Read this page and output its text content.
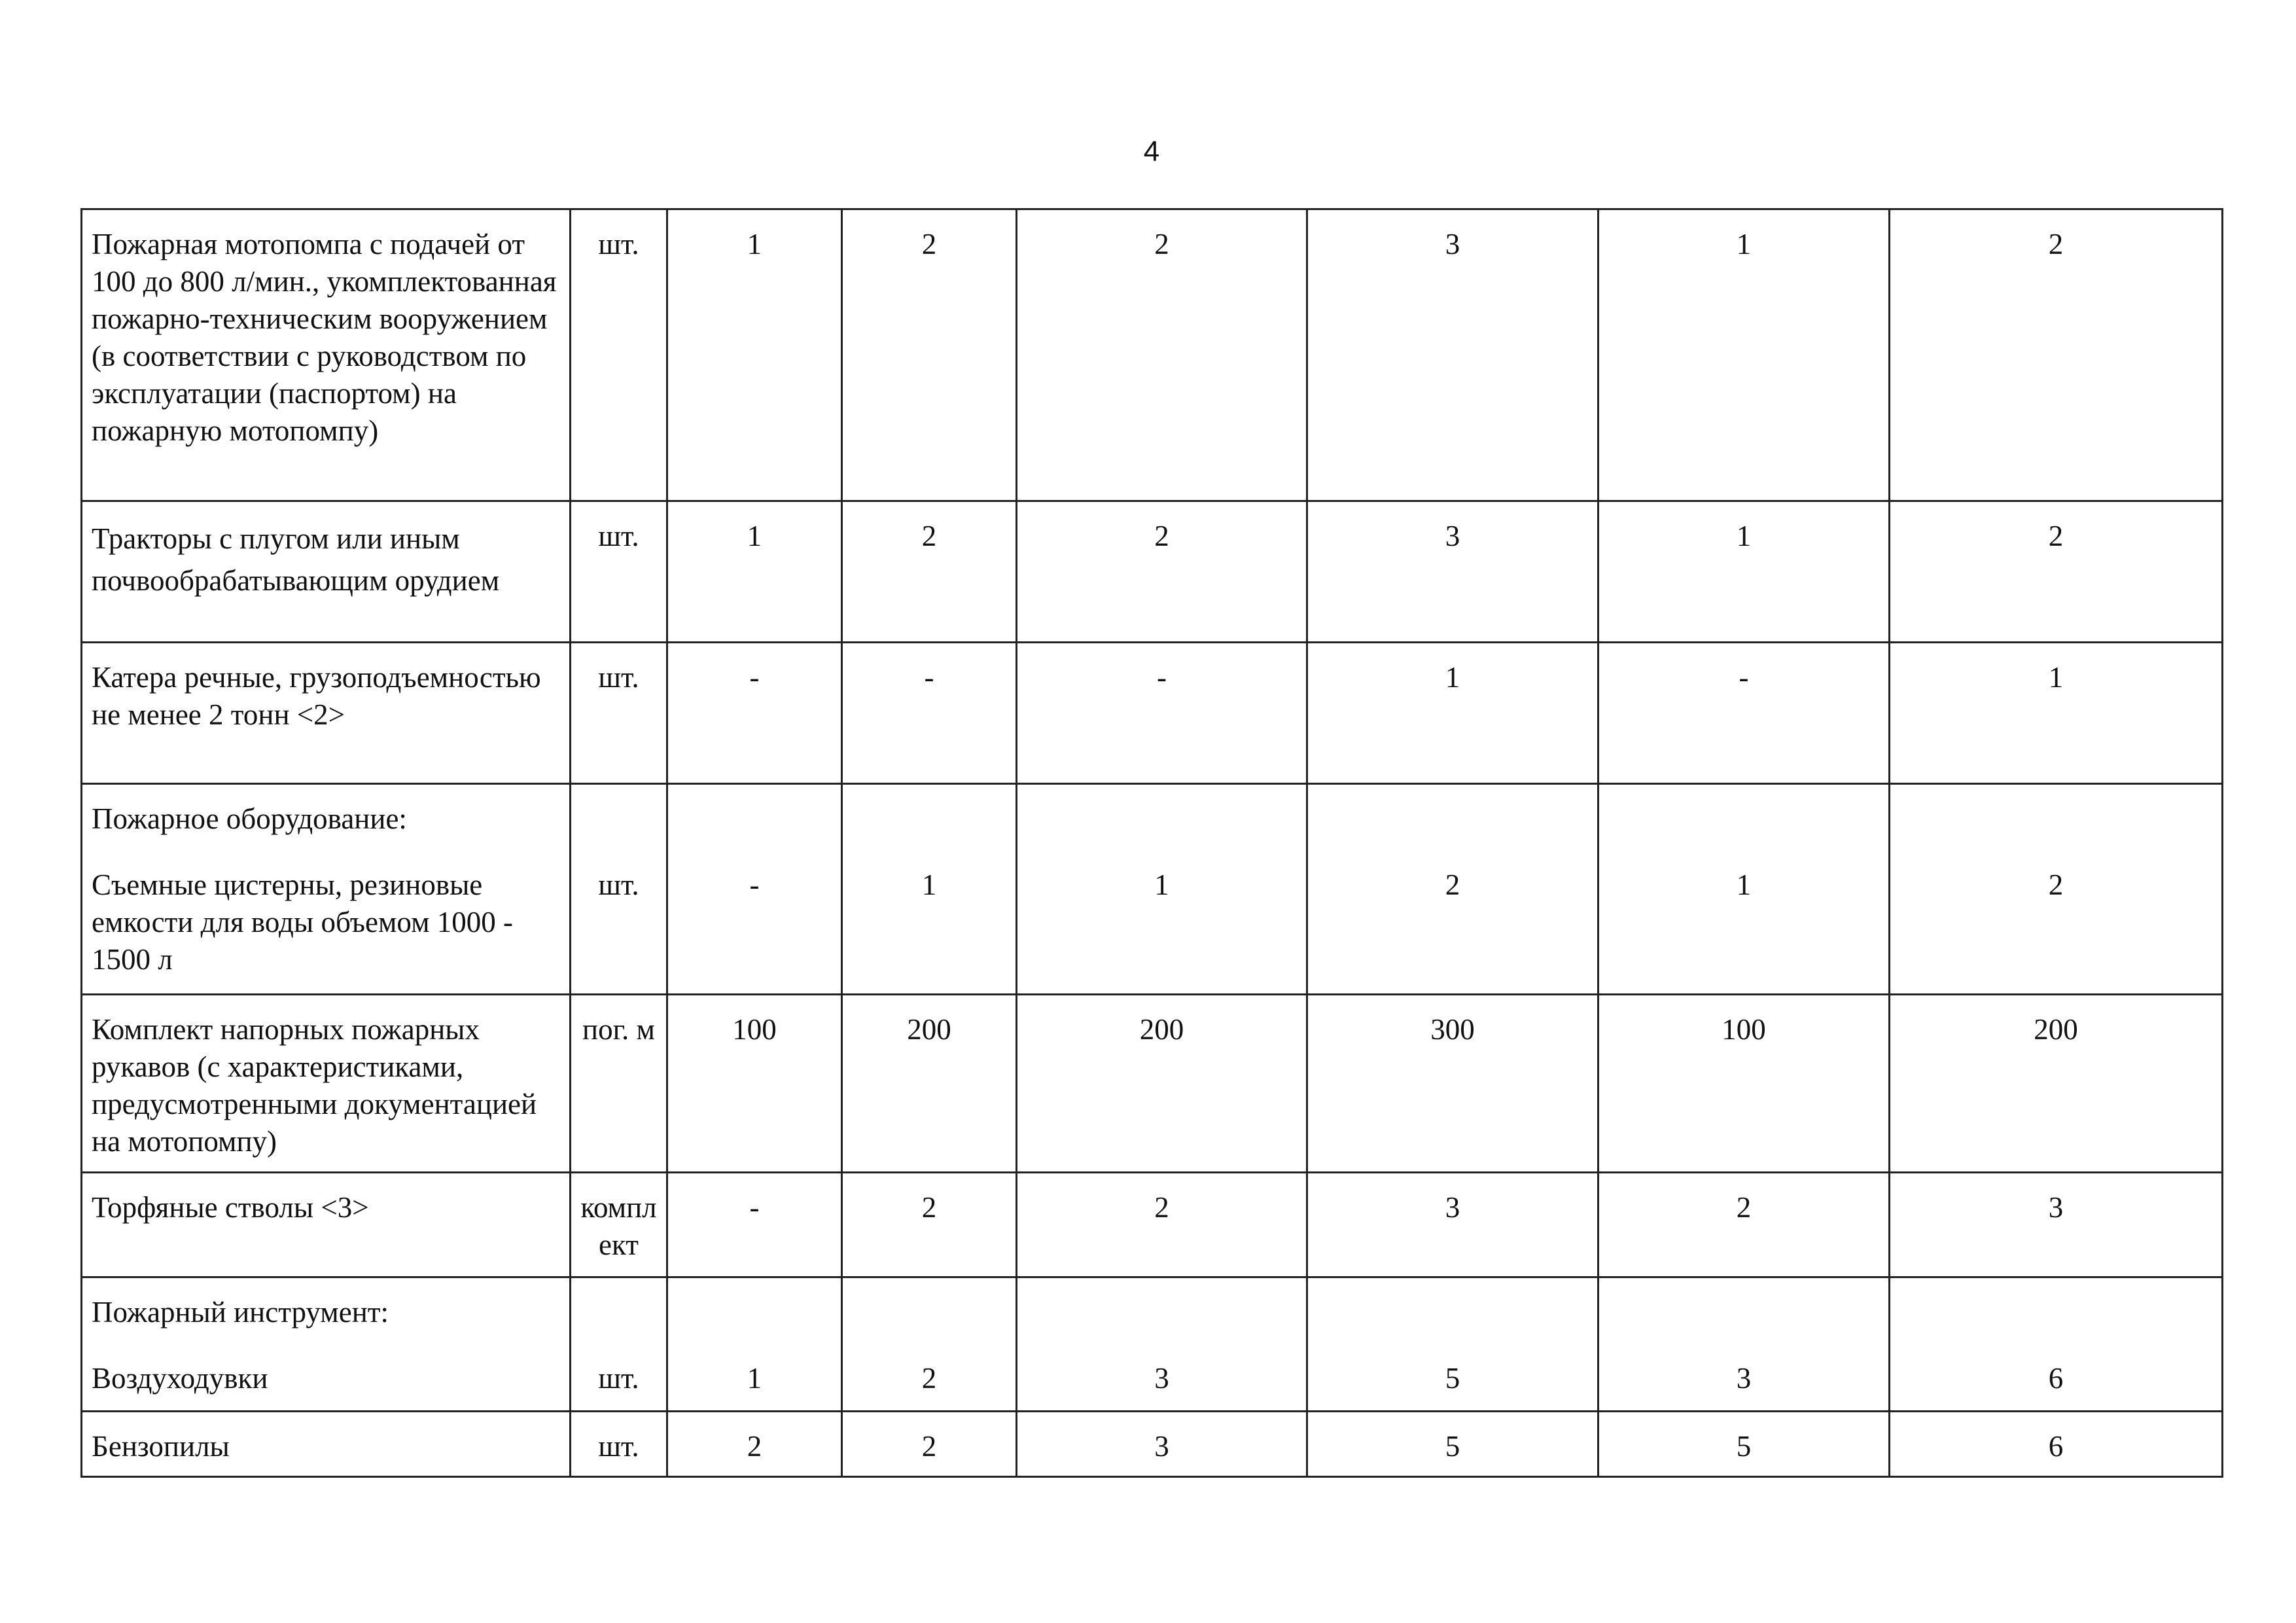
4
Пожарная мотопомпа с подачей от 100 до 800 л/мин., укомплектованная пожарно-техническим вооружением (в соответствии с руководством по эксплуатации (паспортом) на пожарную мотопомпу)	шт.	1	2	2	3	1	2
Тракторы с плугом или иным почвообрабатывающим орудием	шт.	1	2	2	3	1	2
Катера речные, грузоподъемностью не менее 2 тонн <2>	шт.	-	-	-	1	-	1

Пожарное оборудование:
Съемные цистерны, резиновые емкости для воды объемом 1000 - 1500 л	шт.	-	1	1	2	1	2

Комплект напорных пожарных рукавов (с характеристиками, предусмотренными документацией на мотопомпу)	пог. м	100	200	200	300	100	200
Торфяные стволы <3>	комплект	-	2	2	3	2	3

Пожарный инструмент:
Воздуходувки	шт.	1	2	3	5	3	6

Бензопилы	шт.	2	2	3	5	5	6
